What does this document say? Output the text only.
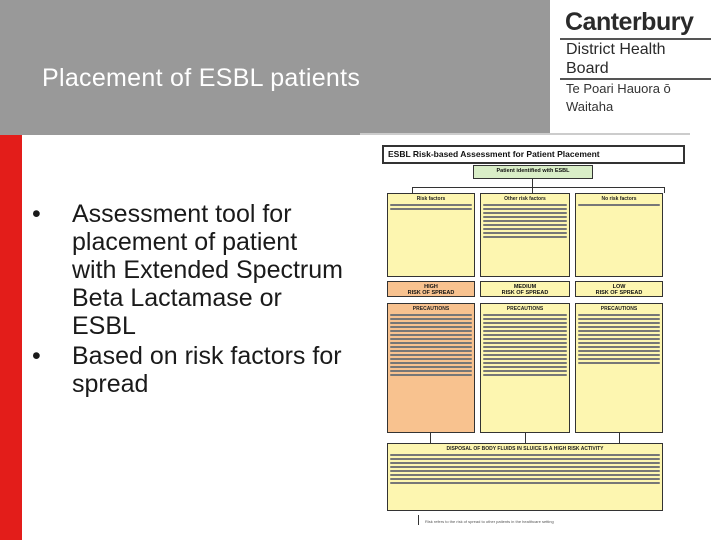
Placement of ESBL patients
Canterbury
District Health Board
Te Poari Hauora ō Waitaha
•	Assessment tool for placement of patient with Extended Spectrum Beta Lactamase or ESBL
•	Based on risk factors for spread
ESBL Risk-based Assessment for Patient Placement
Patient identified with ESBL
Risk factors	Other risk factors	No risk factors
HIGH
RISK OF SPREAD
MEDIUM
RISK OF SPREAD
LOW
RISK OF SPREAD
PRECAUTIONS	PRECAUTIONS	PRECAUTIONS
DISPOSAL OF BODY FLUIDS IN SLUICE IS A HIGH RISK ACTIVITY
Risk refers to the risk of spread to other patients in the healthcare setting
